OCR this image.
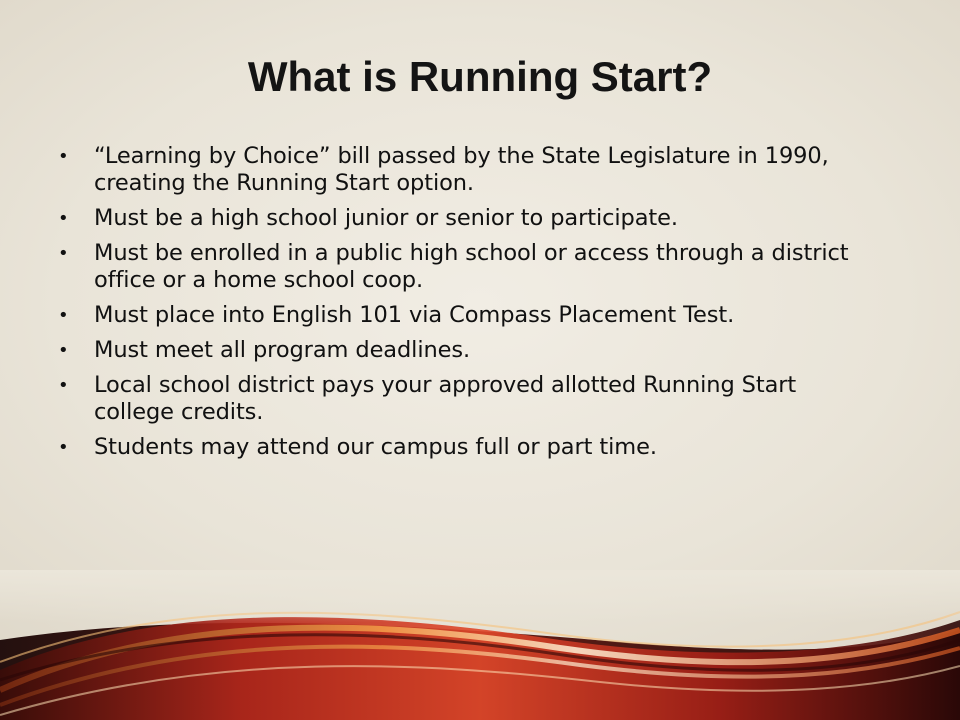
What is Running Start?
• “Learning by Choice” bill passed by the State Legislature in 1990, creating the Running Start option.
• Must be a high school junior or senior to participate.
• Must be enrolled in a public high school or access through a district office or a home school coop.
• Must place into English 101 via Compass Placement Test.
• Must meet all program deadlines.
• Local school district pays your approved allotted Running Start college credits.
• Students may attend our campus full or part time.
